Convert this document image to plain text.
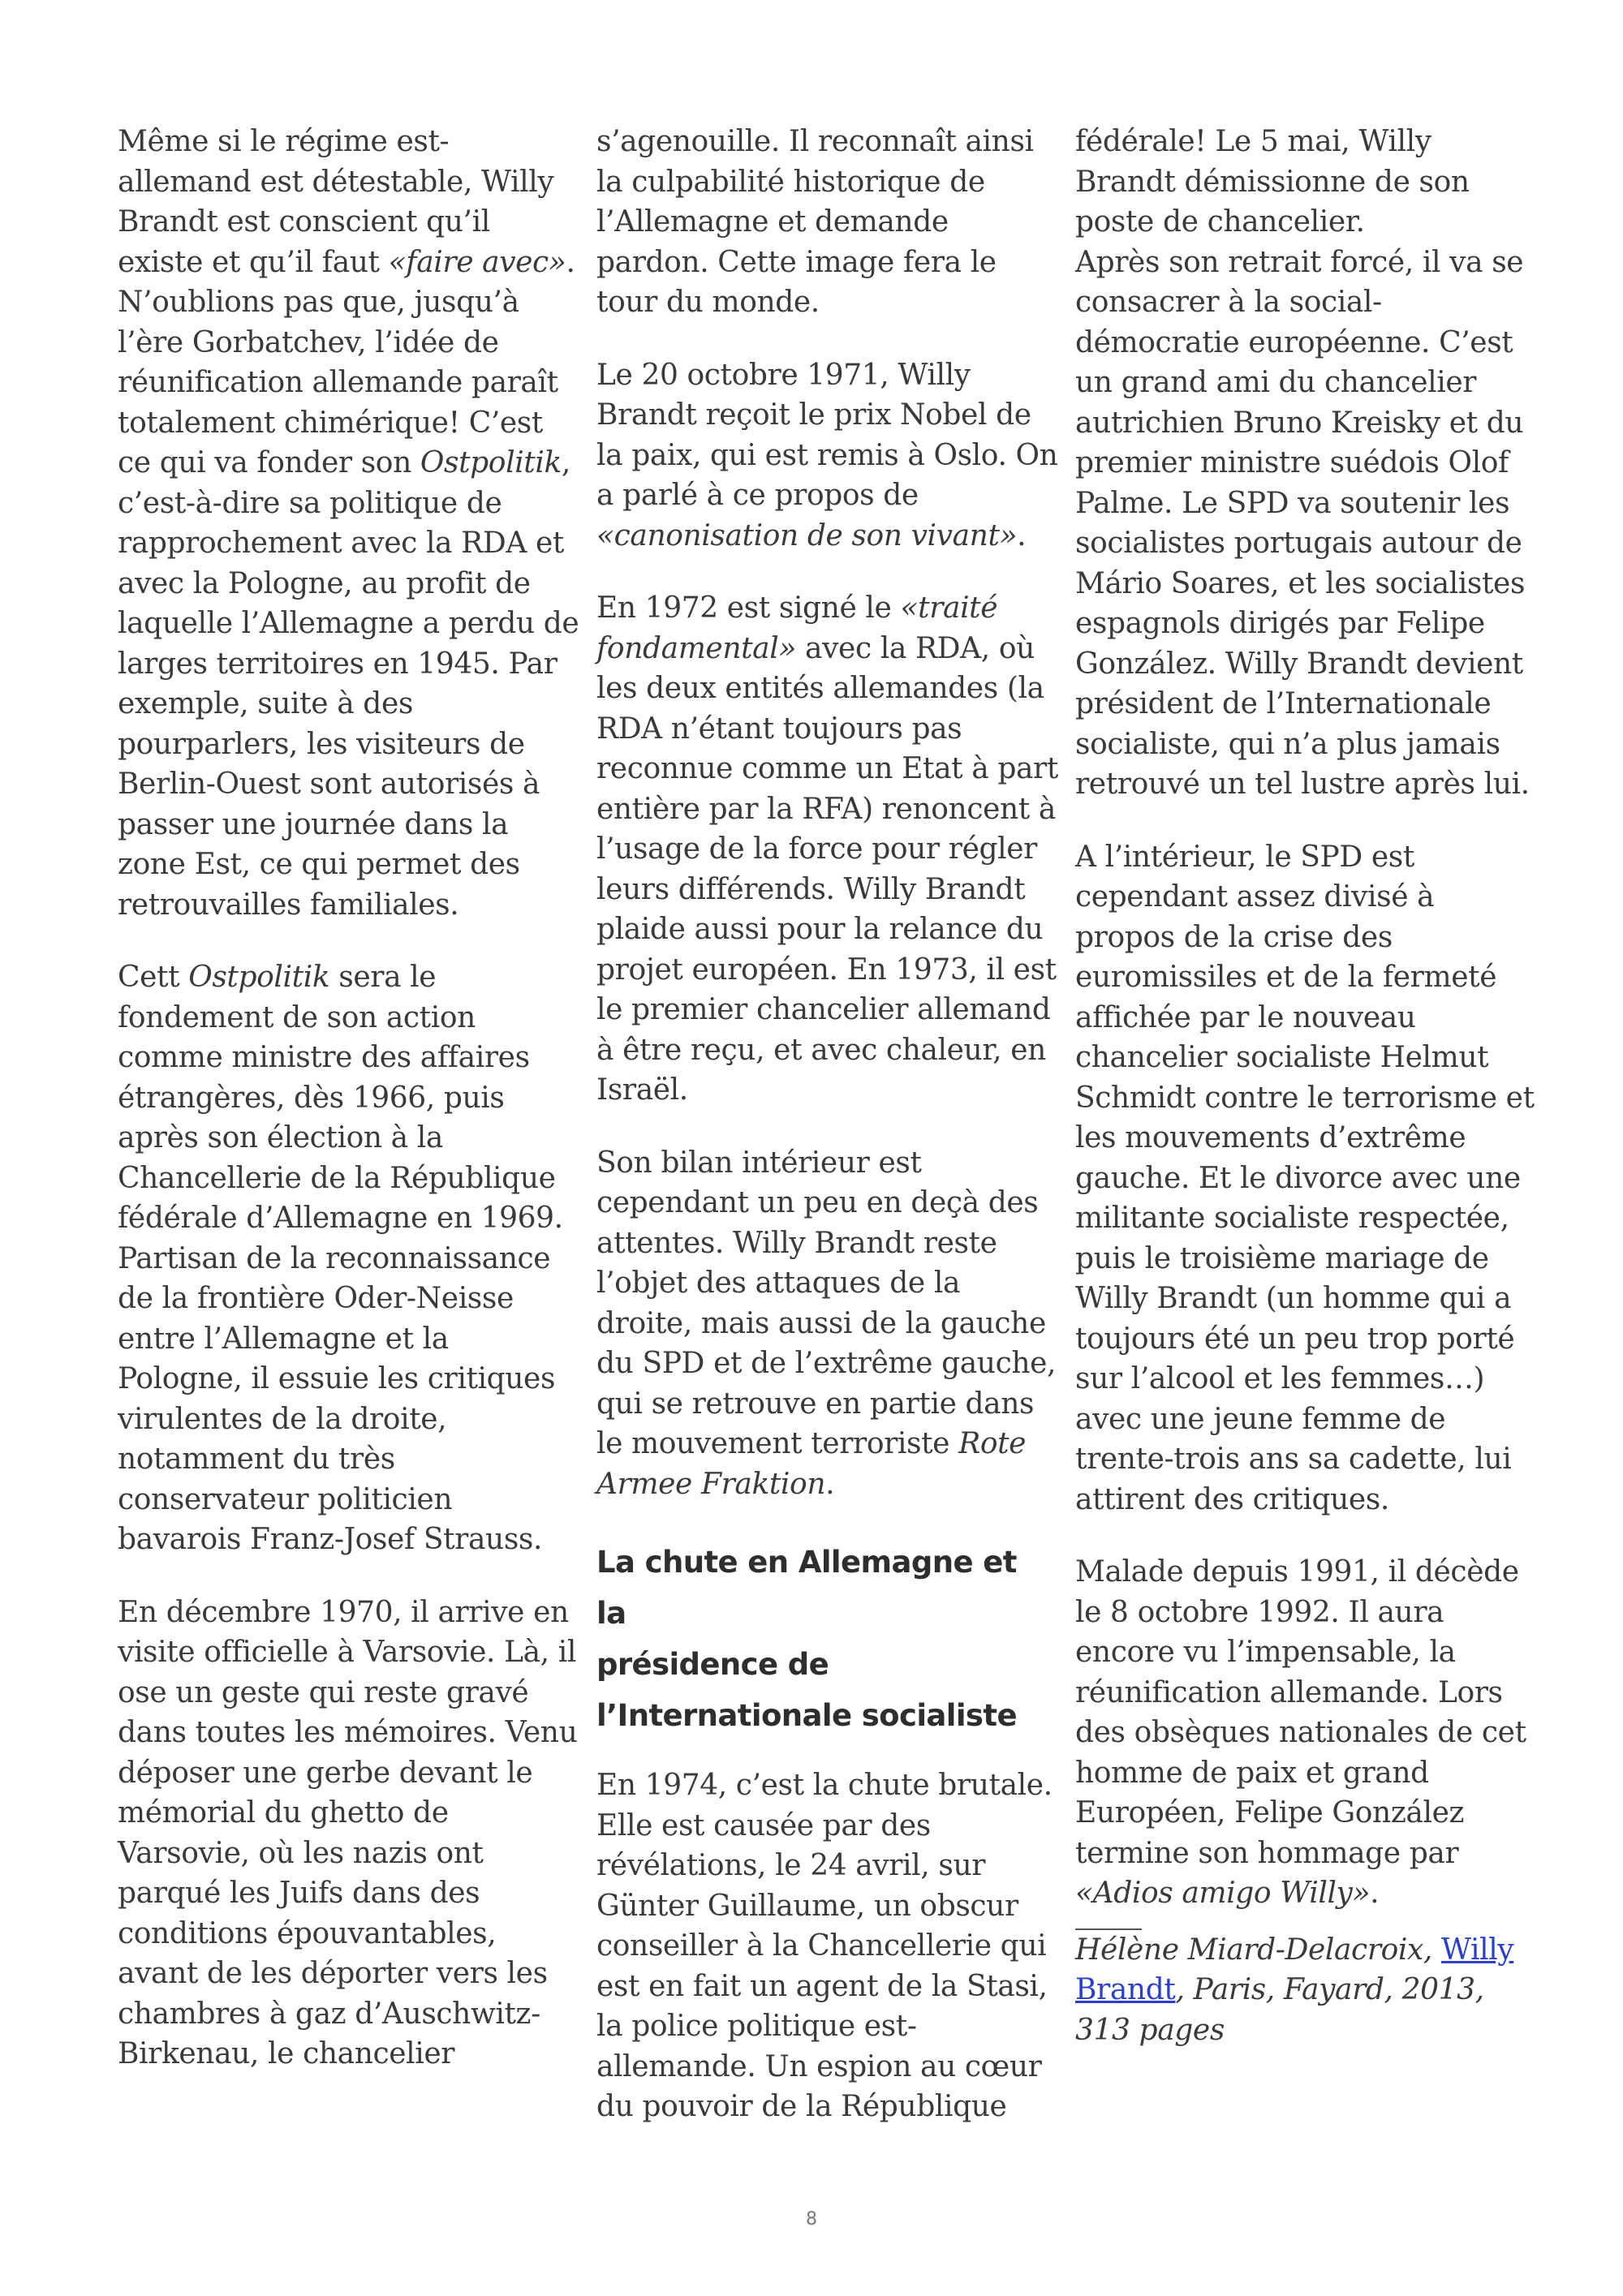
Même si le régime est-
allemand est détestable, Willy
Brandt est conscient qu’il
existe et qu’il faut «faire avec».
N’oublions pas que, jusqu’à
l’ère Gorbatchev, l’idée de
réunification allemande paraît
totalement chimérique! C’est
ce qui va fonder son Ostpolitik,
c’est-à-dire sa politique de
rapprochement avec la RDA et
avec la Pologne, au profit de
laquelle l’Allemagne a perdu de
larges territoires en 1945. Par
exemple, suite à des
pourparlers, les visiteurs de
Berlin-Ouest sont autorisés à
passer une journée dans la
zone Est, ce qui permet des
retrouvailles familiales.

Cett Ostpolitik sera le
fondement de son action
comme ministre des affaires
étrangères, dès 1966, puis
après son élection à la
Chancellerie de la République
fédérale d’Allemagne en 1969.
Partisan de la reconnaissance
de la frontière Oder-Neisse
entre l’Allemagne et la
Pologne, il essuie les critiques
virulentes de la droite,
notamment du très
conservateur politicien
bavarois Franz-Josef Strauss.

En décembre 1970, il arrive en
visite officielle à Varsovie. Là, il
ose un geste qui reste gravé
dans toutes les mémoires. Venu
déposer une gerbe devant le
mémorial du ghetto de
Varsovie, où les nazis ont
parqué les Juifs dans des
conditions épouvantables,
avant de les déporter vers les
chambres à gaz d’Auschwitz-
Birkenau, le chancelier

s’agenouille. Il reconnaît ainsi
la culpabilité historique de
l’Allemagne et demande
pardon. Cette image fera le
tour du monde.

Le 20 octobre 1971, Willy
Brandt reçoit le prix Nobel de
la paix, qui est remis à Oslo. On
a parlé à ce propos de
«canonisation de son vivant».

En 1972 est signé le «traité
fondamental» avec la RDA, où
les deux entités allemandes (la
RDA n’étant toujours pas
reconnue comme un Etat à part
entière par la RFA) renoncent à
l’usage de la force pour régler
leurs différends. Willy Brandt
plaide aussi pour la relance du
projet européen. En 1973, il est
le premier chancelier allemand
à être reçu, et avec chaleur, en
Israël.

Son bilan intérieur est
cependant un peu en deçà des
attentes. Willy Brandt reste
l’objet des attaques de la
droite, mais aussi de la gauche
du SPD et de l’extrême gauche,
qui se retrouve en partie dans
le mouvement terroriste Rote
Armee Fraktion.

La chute en Allemagne et la
présidence de
l’Internationale socialiste

En 1974, c’est la chute brutale.
Elle est causée par des
révélations, le 24 avril, sur
Günter Guillaume, un obscur
conseiller à la Chancellerie qui
est en fait un agent de la Stasi,
la police politique est-
allemande. Un espion au cœur
du pouvoir de la République

fédérale! Le 5 mai, Willy
Brandt démissionne de son
poste de chancelier.
Après son retrait forcé, il va se
consacrer à la social-
démocratie européenne. C’est
un grand ami du chancelier
autrichien Bruno Kreisky et du
premier ministre suédois Olof
Palme. Le SPD va soutenir les
socialistes portugais autour de
Mário Soares, et les socialistes
espagnols dirigés par Felipe
González. Willy Brandt devient
président de l’Internationale
socialiste, qui n’a plus jamais
retrouvé un tel lustre après lui.

A l’intérieur, le SPD est
cependant assez divisé à
propos de la crise des
euromissiles et de la fermeté
affichée par le nouveau
chancelier socialiste Helmut
Schmidt contre le terrorisme et
les mouvements d’extrême
gauche. Et le divorce avec une
militante socialiste respectée,
puis le troisième mariage de
Willy Brandt (un homme qui a
toujours été un peu trop porté
sur l’alcool et les femmes…)
avec une jeune femme de
trente-trois ans sa cadette, lui
attirent des critiques.

Malade depuis 1991, il décède
le 8 octobre 1992. Il aura
encore vu l’impensable, la
réunification allemande. Lors
des obsèques nationales de cet
homme de paix et grand
Européen, Felipe González
termine son hommage par
«Adios amigo Willy».

Hélène Miard-Delacroix, Willy
Brandt, Paris, Fayard, 2013,
313 pages

8
